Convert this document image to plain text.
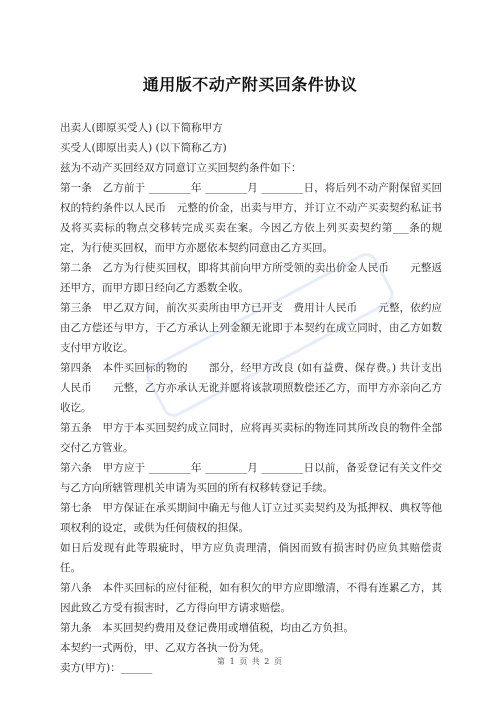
通用版不动产附买回条件协议

出卖人(即原买受人) (以下简称甲方

买受人(即原出卖人) (以下简称乙方)

兹为不动产买回经双方同意订立买回契约条件如下：

第一条　乙方前于 ________年 ________月 ________日，将后列不动产附保留买回权的特约条件以人民币　元整的价金，出卖与甲方，并订立不动产买卖契约私证书及将买卖标的物点交移转完成买卖在案。今因乙方依上列买卖契约第___条的规定，为行使买回权，而甲方亦愿依本契约同意由乙方买回。

第二条　乙方为行使买回权，即将其前向甲方所受领的卖出价金人民币　　元整返还甲方，而甲方即日经向乙方悉数全收。

第三条　甲乙双方间，前次买卖所由甲方已开支　费用计人民币　　元整，依约应由乙方偿还与甲方，于乙方承认上列金额无讹即于本契约在成立同时，由乙方如数支付甲方收讫。

第四条　本件买回标的物的　　部分，经甲方改良 (如有益费、保存费。) 共计支出人民币　　元整，乙方亦承认无讹并愿将该款项照数偿还乙方，而甲方亦亲向乙方收讫。

第五条　甲方于本买回契约成立同时，应将再买卖标的物连同其所改良的物件全部交付乙方管业。

第六条　甲方应于 ________年 ________月 ________日以前，备妥登记有关文件交与乙方向所辖管理机关申请为买回的所有权移转登记手续。

第七条　甲方保证在承买期间中确无与他人订立过买卖契约及为抵押权、典权等他项权利的设定，或供为任何债权的担保。

如日后发现有此等瑕疵时，甲方应负责理清，倘因而致有损害时仍应负其赔偿责任。

第八条　本件买回标的应付征税，如有积欠的甲方应即缴清，不得有连累乙方，其因此致乙方受有损害时，乙方得向甲方请求赔偿。

第九条　本买回契约费用及登记费用或增值税，均由乙方负担。

本契约一式两份，甲、乙双方各执一份为凭。

卖方(甲方)：______

第 1 页 共 2 页
